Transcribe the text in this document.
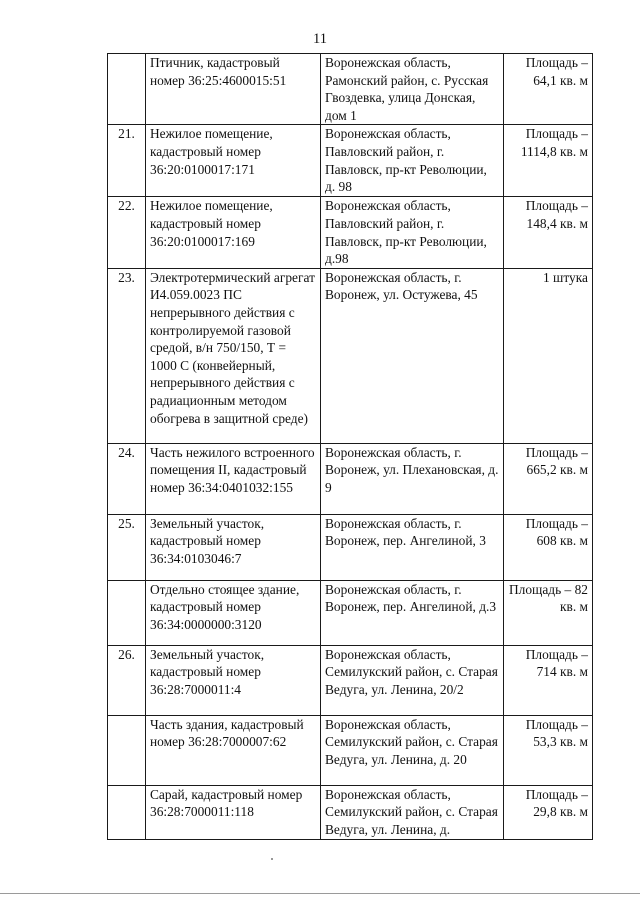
11
	Птичник, кадастровый номер 36:25:4600015:51	Воронежская область, Рамонский район, с. Русская Гвоздевка, улица Донская, дом 1	Площадь – 64,1 кв. м
21.	Нежилое помещение, кадастровый номер 36:20:0100017:171	Воронежская область, Павловский район, г. Павловск, пр-кт Революции, д. 98	Площадь – 1114,8 кв. м
22.	Нежилое помещение, кадастровый номер 36:20:0100017:169	Воронежская область, Павловский район, г. Павловск, пр-кт Революции, д.98	Площадь – 148,4 кв. м
23.	Электротермический агрегат И4.059.0023 ПС непрерывного действия с контролируемой газовой средой, в/н 750/150, Т = 1000 С (конвейерный, непрерывного действия с радиационным методом обогрева в защитной среде)	Воронежская область, г. Воронеж, ул. Остужева, 45	1 штука
24.	Часть нежилого встроенного помещения II, кадастровый номер 36:34:0401032:155	Воронежская область, г. Воронеж, ул. Плехановская, д. 9	Площадь – 665,2 кв. м
25.	Земельный участок, кадастровый номер 36:34:0103046:7	Воронежская область, г. Воронеж, пер. Ангелиной, 3	Площадь – 608 кв. м
	Отдельно стоящее здание, кадастровый номер 36:34:0000000:3120	Воронежская область, г. Воронеж, пер. Ангелиной, д.3	Площадь – 82 кв. м
26.	Земельный участок, кадастровый номер 36:28:7000011:4	Воронежская область, Семилукский район, с. Старая Ведуга, ул. Ленина, 20/2	Площадь – 714 кв. м
	Часть здания, кадастровый номер 36:28:7000007:62	Воронежская область, Семилукский район, с. Старая Ведуга, ул. Ленина, д. 20	Площадь – 53,3 кв. м
	Сарай, кадастровый номер 36:28:7000011:118	Воронежская область, Семилукский район, с. Старая Ведуга, ул. Ленина, д.	Площадь – 29,8 кв. м
